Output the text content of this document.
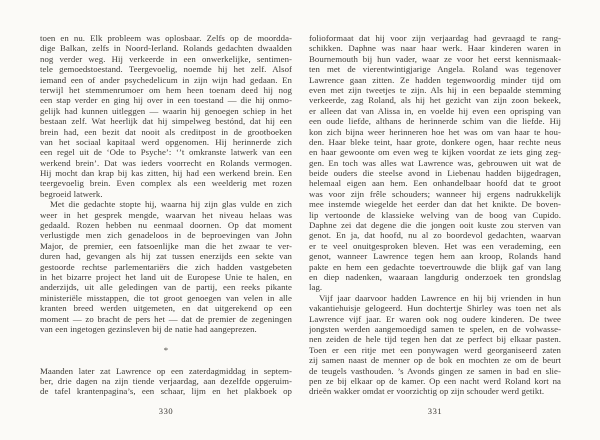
toen en nu. Elk probleem was oplosbaar. Zelfs op de moordda-
dige Balkan, zelfs in Noord-Ierland. Rolands gedachten dwaalden
nog verder weg. Hij verkeerde in een onwerkelijke, sentimen-
tele gemoedstoestand. Teergevoelig, noemde hij het zelf. Alsof
iemand een of ander psychedelicum in zijn wijn had gedaan. En
terwijl het stemmenrumoer om hem heen toenam deed hij nog
een stap verder en ging hij over in een toestand — die hij onmo-
gelijk had kunnen uitleggen — waarin hij genoegen schiep in het
bestaan zelf. Wat heerlijk dat hij simpelweg bestónd, dat hij een
brein had, een bezit dat nooit als creditpost in de grootboeken
van het sociaal kapitaal werd opgenomen. Hij herinnerde zich
een regel uit de ‘Ode to Psyche’: ‘’t omkranste latwerk van een
werkend brein’. Dat was ieders voorrecht en Rolands vermogen.
Hij mocht dan krap bij kas zitten, hij had een werkend brein. Een
teergevoelig brein. Even complex als een weelderig met rozen
begroeid latwerk.
Met die gedachte stopte hij, waarna hij zijn glas vulde en zich
weer in het gesprek mengde, waarvan het niveau helaas was
gedaald. Rozen hebben nu eenmaal doornen. Op dat moment
verlustigde men zich genadeloos in de beproevingen van John
Major, de premier, een fatsoenlijke man die het zwaar te ver-
duren had, gevangen als hij zat tussen enerzijds een sekte van
gestoorde rechtse parlementariërs die zich hadden vastgebeten
in het bizarre project het land uit de Europese Unie te halen, en
anderzijds, uit alle geledingen van de partij, een reeks pikante
ministeriële misstappen, die tot groot genoegen van velen in alle
kranten breed werden uitgemeten, en dat uitgerekend op een
moment — zo bracht de pers het — dat de premier de zegeningen
van een ingetogen gezinsleven bij de natie had aangeprezen.

*

Maanden later zat Lawrence op een zaterdagmiddag in septem-
ber, drie dagen na zijn tiende verjaardag, aan dezelfde opgeruim-
de tafel krantenpagina’s, een schaar, lijm en het plakboek op
330
folioformaat dat hij voor zijn verjaardag had gevraagd te rang-
schikken. Daphne was naar haar werk. Haar kinderen waren in
Bournemouth bij hun vader, waar ze voor het eerst kennismaak-
ten met de vierentwintigjarige Angela. Roland was tegenover
Lawrence gaan zitten. Ze hadden tegenwoordig minder tijd om
even met zijn tweetjes te zijn. Als hij in een bepaalde stemming
verkeerde, zag Roland, als hij het gezicht van zijn zoon bekeek,
er alleen dat van Alissa in, en voelde hij even een oprisping van
een oude liefde, althans de herinnerde schim van die liefde. Hij
kon zich bijna weer herinneren hoe het was om van haar te hou-
den. Haar bleke teint, haar grote, donkere ogen, haar rechte neus
en haar gewoonte om even weg te kijken voordat ze iets ging zeg-
gen. En toch was alles wat Lawrence was, gebrouwen uit wat de
beide ouders die steelse avond in Liebenau hadden bijgedragen,
helemaal eigen aan hem. Een onhandelbaar hoofd dat te groot
was voor zijn frêle schouders; wanneer hij ergens nadrukkelijk
mee instemde wiegelde het eerder dan dat het knikte. De boven-
lip vertoonde de klassieke welving van de boog van Cupido.
Daphne zei dat degene die die jongen ooit kuste zou sterven van
genot. En ja, dat hoofd, nu al zo boordevol gedachten, waarvan
er te veel onuitgesproken bleven. Het was een verademing, een
genot, wanneer Lawrence tegen hem aan kroop, Rolands hand
pakte en hem een gedachte toevertrouwde die blijk gaf van lang
en diep nadenken, waaraan langdurig onderzoek ten grondslag
lag.
Vijf jaar daarvoor hadden Lawrence en hij bij vrienden in hun
vakantiehuisje gelogeerd. Hun dochtertje Shirley was toen net als
Lawrence vijf jaar. Er waren ook nog oudere kinderen. De twee
jongsten werden aangemoedigd samen te spelen, en de volwasse-
nen zeiden de hele tijd tegen hen dat ze perfect bij elkaar pasten.
Toen er een ritje met een ponywagen werd georganiseerd zaten
zij samen naast de menner op de bok en mochten ze om de beurt
de teugels vasthouden. ’s Avonds gingen ze samen in bad en slie-
pen ze bij elkaar op de kamer. Op een nacht werd Roland kort na
drieën wakker omdat er voorzichtig op zijn schouder werd getikt.
331
